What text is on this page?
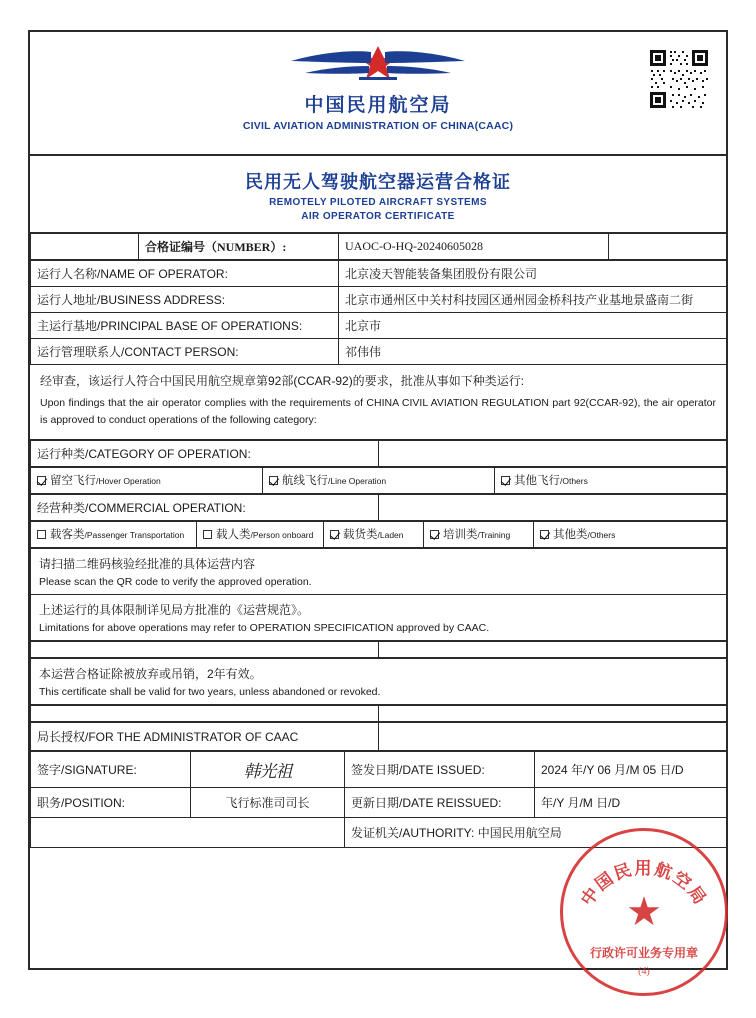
中国民用航空局
CIVIL AVIATION ADMINISTRATION OF CHINA(CAAC)
民用无人驾驶航空器运营合格证
REMOTELY PILOTED AIRCRAFT SYSTEMS
AIR OPERATOR CERTIFICATE
	合格证编号（NUMBER）:	UAOC-O-HQ-20240605028	
运行人名称/NAME OF OPERATOR:	北京凌天智能装备集团股份有限公司
运行人地址/BUSINESS ADDRESS:	北京市通州区中关村科技园区通州园金桥科技产业基地景盛南二街
主运行基地/PRINCIPAL BASE OF OPERATIONS:	北京市
运行管理联系人/CONTACT PERSON:	祁伟伟
经审查，该运行人符合中国民用航空规章第92部(CCAR-92)的要求，批准从事如下种类运行:
Upon findings that the air operator complies with the requirements of CHINA CIVIL AVIATION REGULATION part 92(CCAR-92), the air operator is approved to conduct operations of the following category:
运行种类/CATEGORY OF OPERATION:	
留空飞行/Hover Operation	航线飞行/Line Operation	其他飞行/Others
经营种类/COMMERCIAL OPERATION:	
载客类/Passenger Transportation	载人类/Person onboard	载货类/Laden	培训类/Training	其他类/Others
请扫描二维码核验经批准的具体运营内容
Please scan the QR code to verify the approved operation.

上述运行的具体限制详见局方批准的《运营规范》。
Limitations for above operations may refer to OPERATION SPECIFICATION approved by CAAC.

本运营合格证除被放弃或吊销，2年有效。
This certificate shall be valid for two years, unless abandoned or revoked.

局长授权/FOR THE ADMINISTRATOR OF CAAC	
签字/SIGNATURE:	韩光祖	签发日期/DATE ISSUED:	2024 年/Y 06 月/M 05 日/D
职务/POSITION:	飞行标准司司长	更新日期/DATE REISSUED:	年/Y 月/M 日/D
		发证机关/AUTHORITY: 中国民用航空局	
中国民用航空局
★
行政许可业务专用章
(4)
